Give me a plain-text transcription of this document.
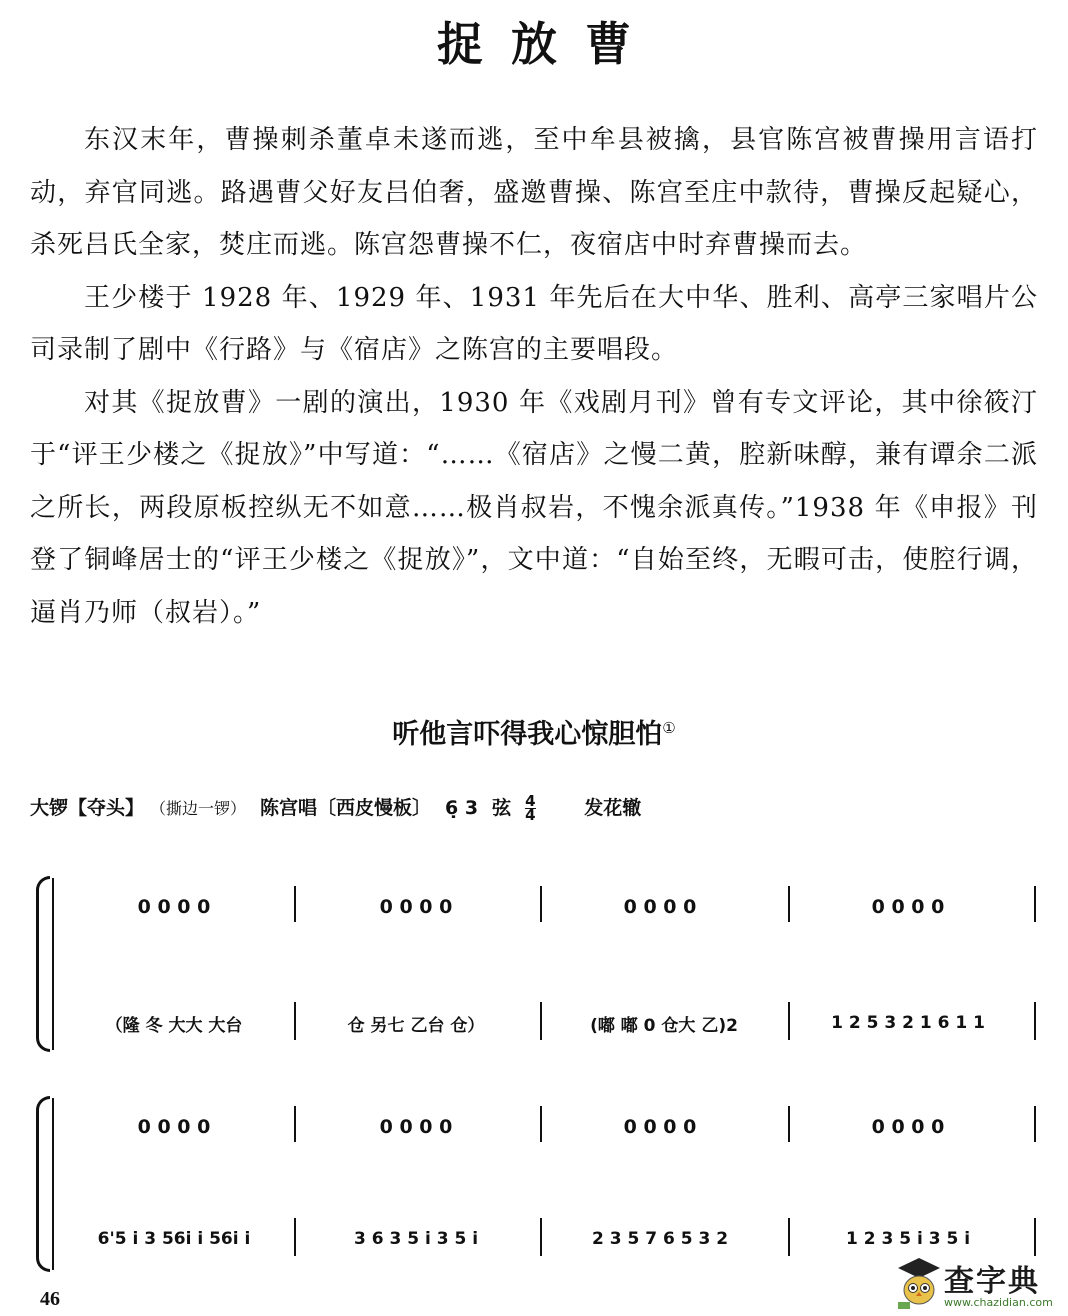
捉放曹

东汉末年，曹操刺杀董卓未遂而逃，至中牟县被擒，县官陈宫被曹操用言语打动，弃官同逃。路遇曹父好友吕伯奢，盛邀曹操、陈宫至庄中款待，曹操反起疑心，杀死吕氏全家，焚庄而逃。陈宫怨曹操不仁，夜宿店中时弃曹操而去。

王少楼于 1928 年、1929 年、1931 年先后在大中华、胜利、高亭三家唱片公司录制了剧中《行路》与《宿店》之陈宫的主要唱段。

对其《捉放曹》一剧的演出，1930 年《戏剧月刊》曾有专文评论，其中徐筱汀于“评王少楼之《捉放》”中写道：“……《宿店》之慢二黄，腔新味醇，兼有谭余二派之所长，两段原板控纵无不如意……极肖叔岩，不愧余派真传。”1938 年《申报》刊登了铜峰居士的“评王少楼之《捉放》”，文中道：“自始至终，无暇可击，使腔行调，逼肖乃师（叔岩）。”

听他言吓得我心惊胆怕①
大锣【夺头】 （撕边一锣） 陈宫唱〔西皮慢板〕 6̣ 3 弦 $\frac{4}{4}$ 发花辙
0 0 0 0	0 0 0 0	0 0 0 0	0 0 0 0
（隆 冬 大大 大台	仓 另七 乙台 仓）	(嘟 嘟 0 仓大 乙)2	1 2 5 3 2 1 6 1 1
0 0 0 0	0 0 0 0	0 0 0 0	0 0 0 0
6'5 i 3 56i i 56i i	3 6 3 5 i 3 5 i	2 3 5 7 6 5 3 2	1 2 3 5 i 3 5 i
46	查字典
www.chazidian.com
